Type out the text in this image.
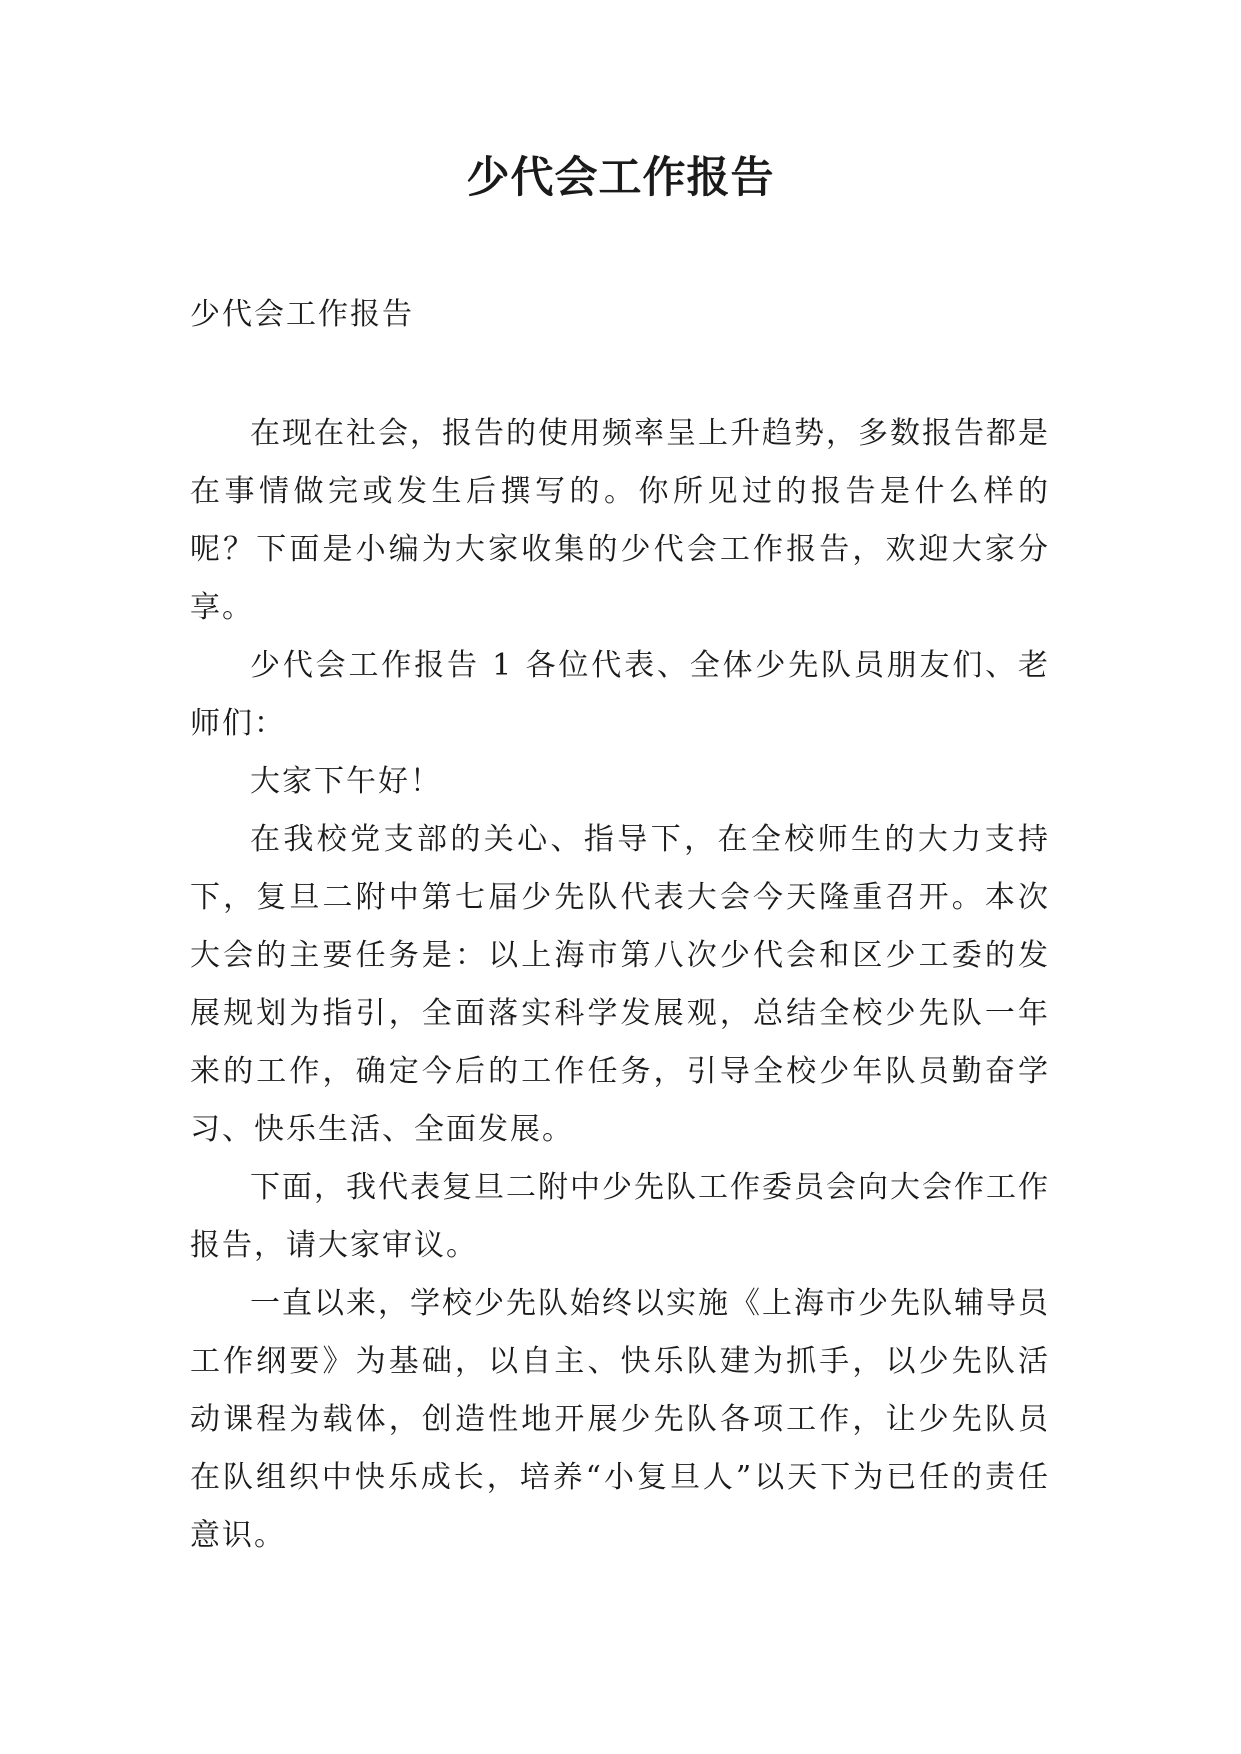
少代会工作报告
少代会工作报告

在现在社会，报告的使用频率呈上升趋势，多数报告都是在事情做完或发生后撰写的。你所见过的报告是什么样的呢？下面是小编为大家收集的少代会工作报告，欢迎大家分享。

少代会工作报告 1 各位代表、全体少先队员朋友们、老师们：

大家下午好！

在我校党支部的关心、指导下，在全校师生的大力支持下，复旦二附中第七届少先队代表大会今天隆重召开。本次大会的主要任务是：以上海市第八次少代会和区少工委的发展规划为指引，全面落实科学发展观，总结全校少先队一年来的工作，确定今后的工作任务，引导全校少年队员勤奋学习、快乐生活、全面发展。

下面，我代表复旦二附中少先队工作委员会向大会作工作报告，请大家审议。

一直以来，学校少先队始终以实施《上海市少先队辅导员工作纲要》为基础，以自主、快乐队建为抓手，以少先队活动课程为载体，创造性地开展少先队各项工作，让少先队员在队组织中快乐成长，培养“小复旦人”以天下为已任的责任意识。
